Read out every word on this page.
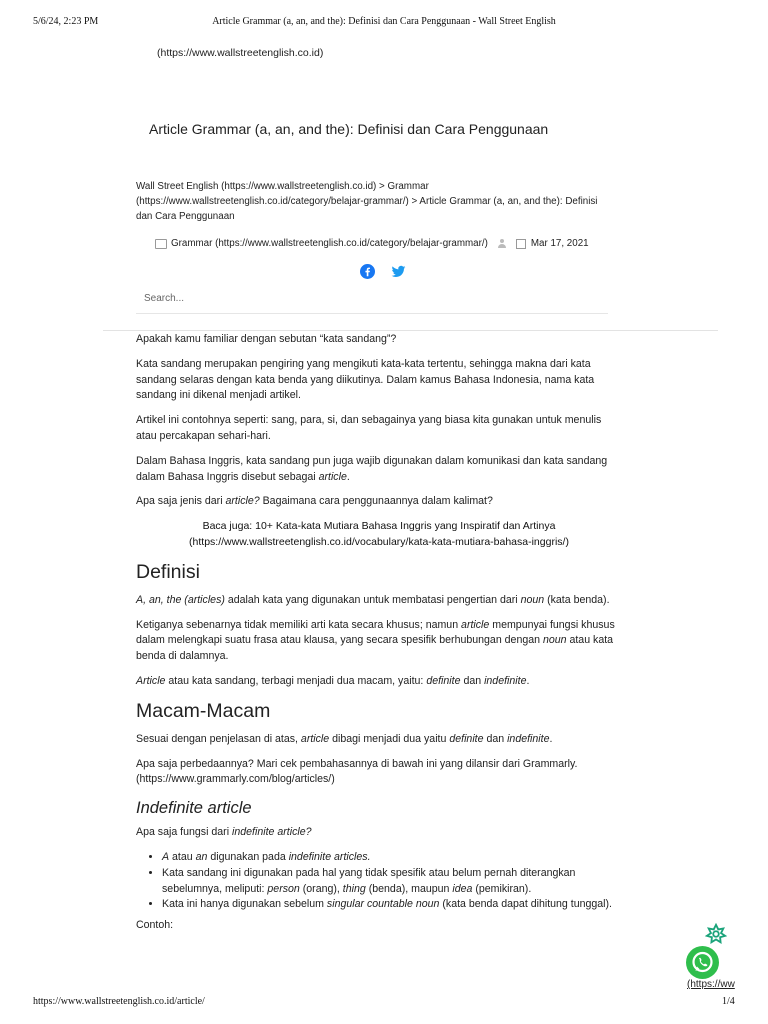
5/6/24, 2:23 PM	Article Grammar (a, an, and the): Definisi dan Cara Penggunaan - Wall Street English
(https://www.wallstreetenglish.co.id)
Article Grammar (a, an, and the): Definisi dan Cara Penggunaan
Wall Street English (https://www.wallstreetenglish.co.id) > Grammar (https://www.wallstreetenglish.co.id/category/belajar-grammar/) > Article Grammar (a, an, and the): Definisi dan Cara Penggunaan
Grammar (https://www.wallstreetenglish.co.id/category/belajar-grammar/)	Mar 17, 2021
Search...

Apakah kamu familiar dengan sebutan “kata sandang”?

Kata sandang merupakan pengiring yang mengikuti kata-kata tertentu, sehingga makna dari kata sandang selaras dengan kata benda yang diikutinya. Dalam kamus Bahasa Indonesia, nama kata sandang ini dikenal menjadi artikel.

Artikel ini contohnya seperti: sang, para, si, dan sebagainya yang biasa kita gunakan untuk menulis atau percakapan sehari-hari.

Dalam Bahasa Inggris, kata sandang pun juga wajib digunakan dalam komunikasi dan kata sandang dalam Bahasa Inggris disebut sebagai article.

Apa saja jenis dari article? Bagaimana cara penggunaannya dalam kalimat?

Baca juga: 10+ Kata-kata Mutiara Bahasa Inggris yang Inspiratif dan Artinya (https://www.wallstreetenglish.co.id/vocabulary/kata-kata-mutiara-bahasa-inggris/)

Definisi

A, an, the (articles) adalah kata yang digunakan untuk membatasi pengertian dari noun (kata benda).

Ketiganya sebenarnya tidak memiliki arti kata secara khusus; namun article mempunyai fungsi khusus dalam melengkapi suatu frasa atau klausa, yang secara spesifik berhubungan dengan noun atau kata benda di dalamnya.

Article atau kata sandang, terbagi menjadi dua macam, yaitu: definite dan indefinite.

Macam-Macam

Sesuai dengan penjelasan di atas, article dibagi menjadi dua yaitu definite dan indefinite.

Apa saja perbedaannya? Mari cek pembahasannya di bawah ini yang dilansir dari Grammarly. (https://www.grammarly.com/blog/articles/)

Indefinite article

Apa saja fungsi dari indefinite article?

• A atau an digunakan pada indefinite articles.
• Kata sandang ini digunakan pada hal yang tidak spesifik atau belum pernah diterangkan sebelumnya, meliputi: person (orang), thing (benda), maupun idea (pemikiran).
• Kata ini hanya digunakan sebelum singular countable noun (kata benda dapat dihitung tunggal).

Contoh:

(https://ww
https://www.wallstreetenglish.co.id/article/	1/4
